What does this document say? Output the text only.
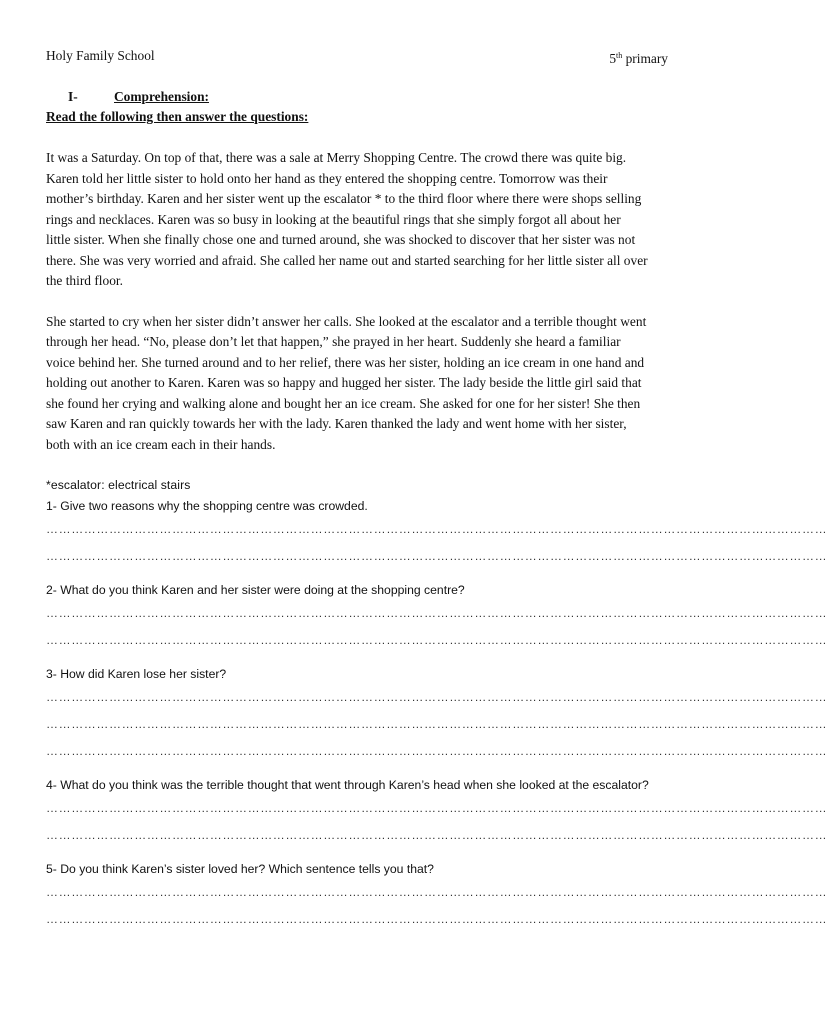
Holy Family School	5th primary
I-	Comprehension:
Read the following then answer the questions:

It was a Saturday. On top of that, there was a sale at Merry Shopping Centre. The crowd there was quite big.

Karen told her little sister to hold onto her hand as they entered the shopping centre. Tomorrow was their

mother’s birthday. Karen and her sister went up the escalator * to the third floor where there were shops selling

rings and necklaces. Karen was so busy in looking at the beautiful rings that she simply forgot all about her

little sister. When she finally chose one and turned around, she was shocked to discover that her sister was not

there. She was very worried and afraid. She called her name out and started searching for her little sister all over

the third floor.

She started to cry when her sister didn’t answer her calls. She looked at the escalator and a terrible thought went

through her head. “No, please don’t let that happen,” she prayed in her heart. Suddenly she heard a familiar

voice behind her. She turned around and to her relief, there was her sister, holding an ice cream in one hand and

holding out another to Karen. Karen was so happy and hugged her sister. The lady beside the little girl said that

she found her crying and walking alone and bought her an ice cream. She asked for one for her sister! She then

saw Karen and ran quickly towards her with the lady. Karen thanked the lady and went home with her sister,

both with an ice cream each in their hands.

*escalator: electrical stairs
1- Give two reasons why the shopping centre was crowded.
……………………………………………………………………………………………………………………………………………………………………
……………………………………………………………………………………………………………………………………………………………………
2- What do you think Karen and her sister were doing at the shopping centre?
……………………………………………………………………………………………………………………………………………………………………
……………………………………………………………………………………………………………………………………………………………………
3- How did Karen lose her sister?
……………………………………………………………………………………………………………………………………………………………………
……………………………………………………………………………………………………………………………………………………………………
……………………………………………………………………………………………………………………………………………………………………
4- What do you think was the terrible thought that went through Karen’s head when she looked at the escalator?
……………………………………………………………………………………………………………………………………………………………………
……………………………………………………………………………………………………………………………………………………………………
5- Do you think Karen’s sister loved her? Which sentence tells you that?
……………………………………………………………………………………………………………………………………………………………………
……………………………………………………………………………………………………………………………………………………………………
